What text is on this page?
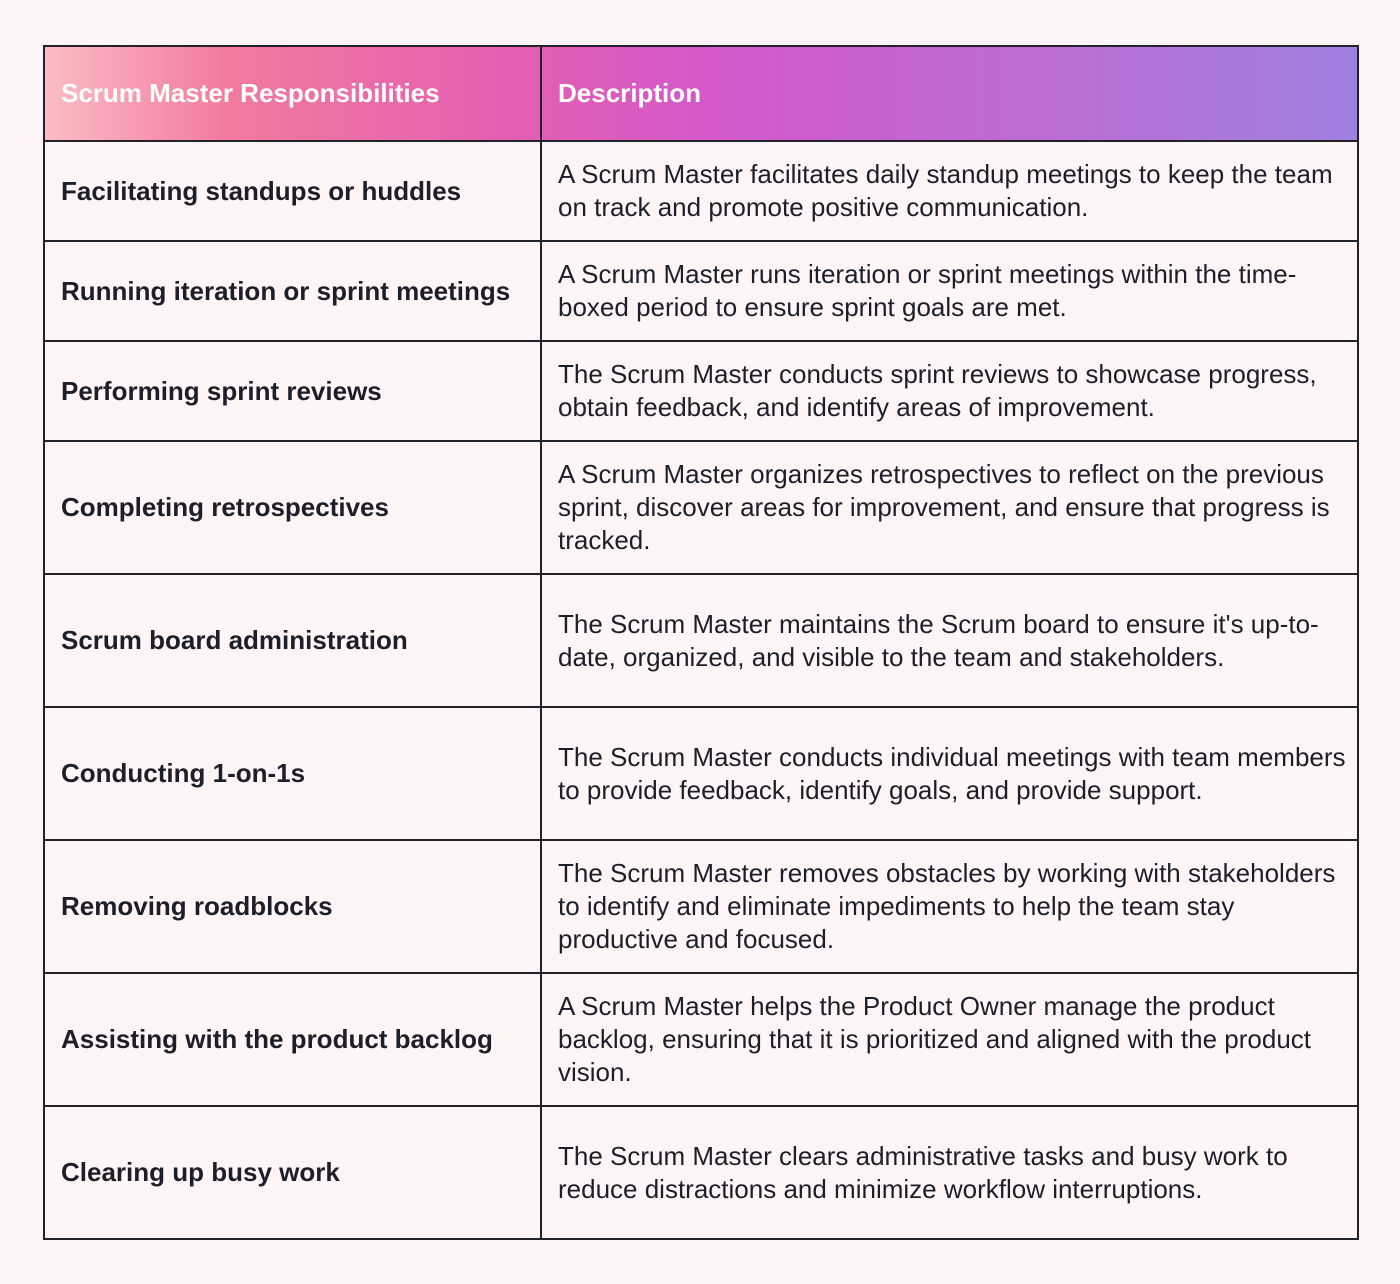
Scrum Master Responsibilities	Description
Facilitating standups or huddles	A Scrum Master facilitates daily standup meetings to keep the team on track and promote positive communication.
Running iteration or sprint meetings	A Scrum Master runs iteration or sprint meetings within the time-boxed period to ensure sprint goals are met.
Performing sprint reviews	The Scrum Master conducts sprint reviews to showcase progress, obtain feedback, and identify areas of improvement.
Completing retrospectives	A Scrum Master organizes retrospectives to reflect on the previous sprint, discover areas for improvement, and ensure that progress is tracked.
Scrum board administration	The Scrum Master maintains the Scrum board to ensure it's up-to-date, organized, and visible to the team and stakeholders.
Conducting 1-on-1s	The Scrum Master conducts individual meetings with team members to provide feedback, identify goals, and provide support.
Removing roadblocks	The Scrum Master removes obstacles by working with stakeholders to identify and eliminate impediments to help the team stay productive and focused.
Assisting with the product backlog	A Scrum Master helps the Product Owner manage the product backlog, ensuring that it is prioritized and aligned with the product vision.
Clearing up busy work	The Scrum Master clears administrative tasks and busy work to reduce distractions and minimize workflow interruptions.
